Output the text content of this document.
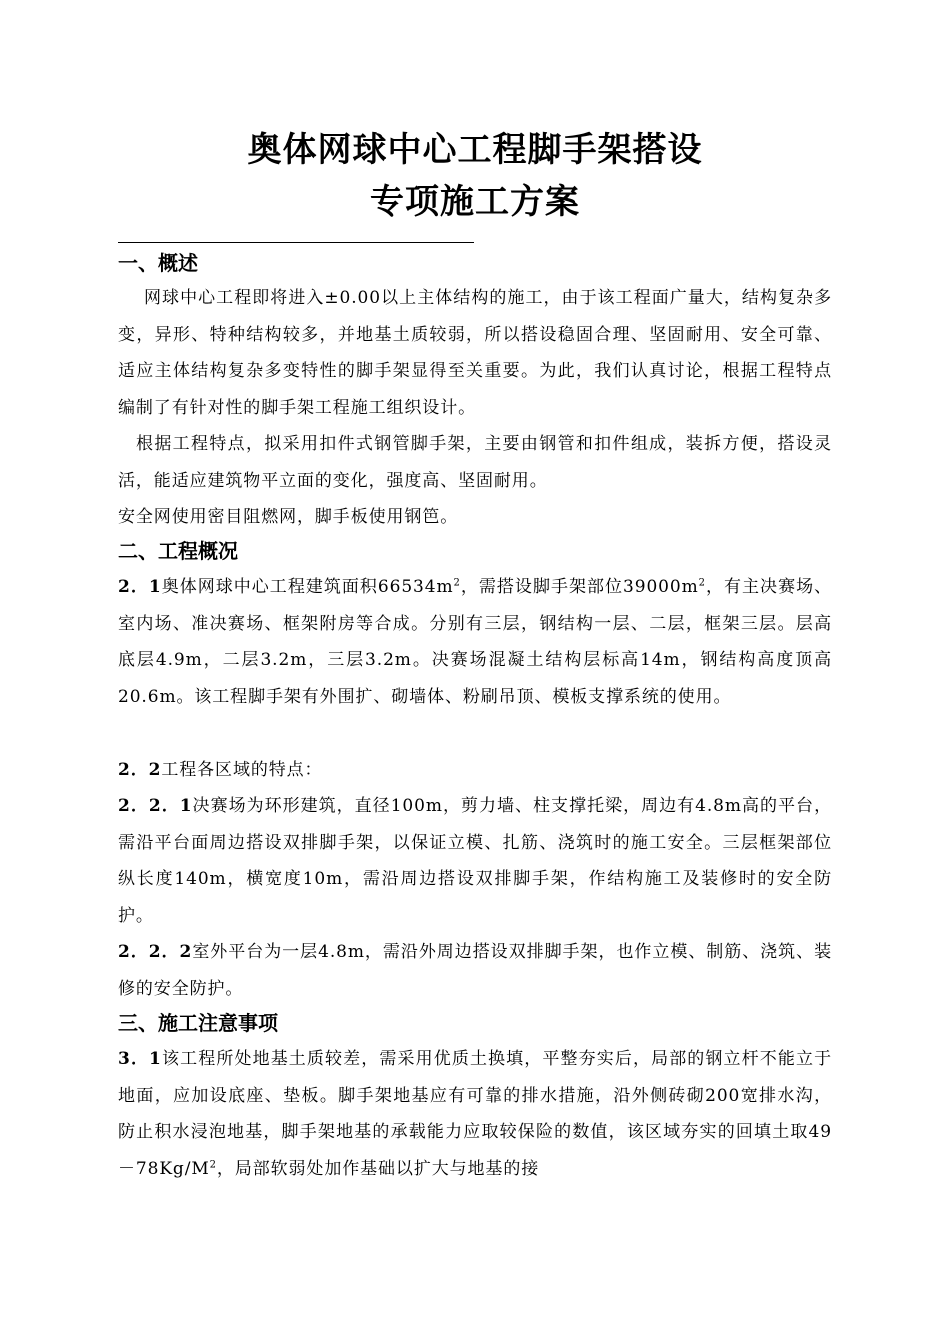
奥体网球中心工程脚手架搭设
专项施工方案
一、概述

网球中心工程即将进入±0.00以上主体结构的施工，由于该工程面广量大，结构复杂多变，异形、特种结构较多，并地基土质较弱，所以搭设稳固合理、坚固耐用、安全可靠、适应主体结构复杂多变特性的脚手架显得至关重要。为此，我们认真讨论，根据工程特点编制了有针对性的脚手架工程施工组织设计。

根据工程特点，拟采用扣件式钢管脚手架，主要由钢管和扣件组成，装拆方便，搭设灵活，能适应建筑物平立面的变化，强度高、坚固耐用。

安全网使用密目阻燃网，脚手板使用钢笆。

二、工程概况

2．1奥体网球中心工程建筑面积$66534m^2$，需搭设脚手架部位$39000m^2$，有主决赛场、室内场、准决赛场、框架附房等合成。分别有三层，钢结构一层、二层，框架三层。层高底层4.9m，二层3.2m，三层3.2m。决赛场混凝土结构层标高14m，钢结构高度顶高20.6m。该工程脚手架有外围扩、砌墙体、粉刷吊顶、模板支撑系统的使用。

2．2工程各区域的特点：

2．2．1决赛场为环形建筑，直径100m，剪力墙、柱支撑托梁，周边有4.8m高的平台，需沿平台面周边搭设双排脚手架，以保证立模、扎筋、浇筑时的施工安全。三层框架部位纵长度140m，横宽度10m，需沿周边搭设双排脚手架，作结构施工及装修时的安全防护。

2．2．2室外平台为一层4.8m，需沿外周边搭设双排脚手架，也作立模、制筋、浇筑、装修的安全防护。

三、施工注意事项

3．1该工程所处地基土质较差，需采用优质土换填，平整夯实后，局部的钢立杆不能立于地面，应加设底座、垫板。脚手架地基应有可靠的排水措施，沿外侧砖砌200宽排水沟，防止积水浸泡地基，脚手架地基的承载能力应取较保险的数值，该区域夯实的回填土取$49-78Kg/M^2$，局部软弱处加作基础以扩大与地基的接
